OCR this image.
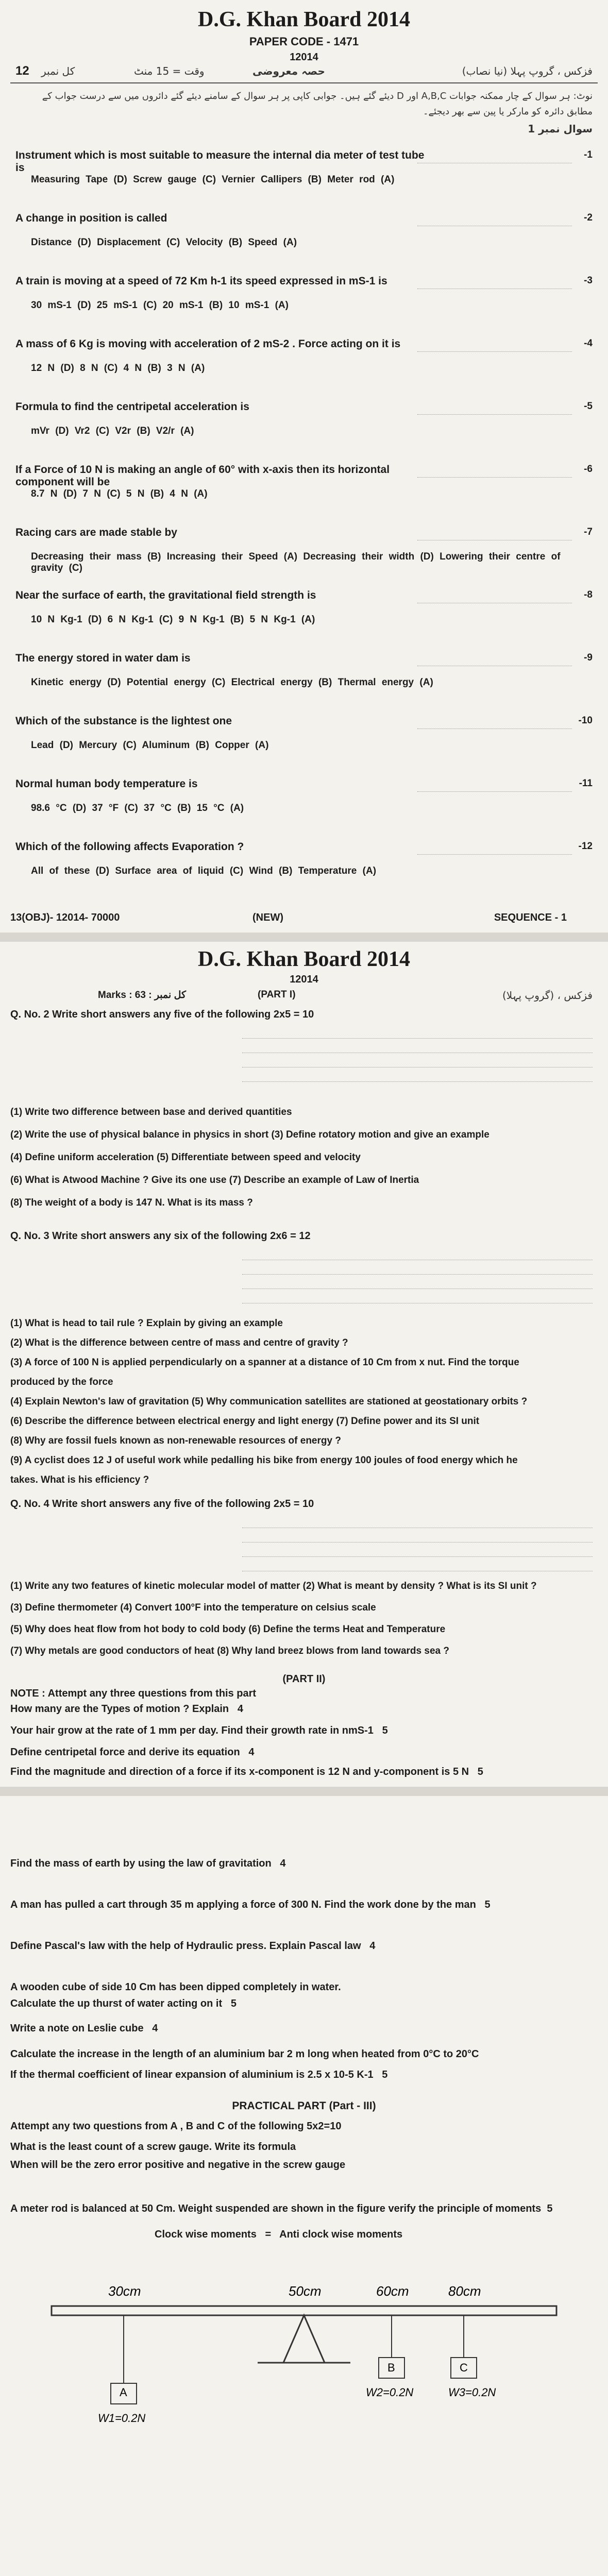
D.G. Khan Board 2014
PAPER CODE - 1471
12014
12 کل نمبر	وقت = 15 منٹ	حصہ معروضی	فزکس ، گروپ پہلا (نیا نصاب)
نوٹ: ہر سوال کے چار ممکنہ جوابات A,B,C اور D دیئے گئے ہیں۔ جوابی کاپی پر ہر سوال کے سامنے دیئے گئے دائروں میں سے درست جواب کے مطابق دائرہ کو مارکر یا پین سے بھر دیجئے۔
سوال نمبر 1
Instrument which is most suitable to measure the internal dia meter of test tube is
-1
Measuring Tape (D) Screw gauge (C) Vernier Callipers (B) Meter rod (A)
A change in position is called	-2
Distance (D) Displacement (C) Velocity (B) Speed (A)
A train is moving at a speed of 72 Km h-1 its speed expressed in mS-1 is	-3
30 mS-1 (D) 25 mS-1 (C) 20 mS-1 (B) 10 mS-1 (A)
A mass of 6 Kg is moving with acceleration of 2 mS-2 . Force acting on it is	-4
12 N (D) 8 N (C) 4 N (B) 3 N (A)
Formula to find the centripetal acceleration is	-5
mVr (D) Vr2 (C) V2r (B) V2/r (A)
If a Force of 10 N is making an angle of 60° with x-axis then its horizontal component will be
-6
8.7 N (D) 7 N (C) 5 N (B) 4 N (A)
Racing cars are made stable by	-7
Decreasing their mass (B) Increasing their Speed (A) Decreasing their width (D) Lowering their centre of gravity (C)
Near the surface of earth, the gravitational field strength is	-8
10 N Kg-1 (D) 6 N Kg-1 (C) 9 N Kg-1 (B) 5 N Kg-1 (A)
The energy stored in water dam is	-9
Kinetic energy (D) Potential energy (C) Electrical energy (B) Thermal energy (A)
Which of the substance is the lightest one	-10
Lead (D) Mercury (C) Aluminum (B) Copper (A)
Normal human body temperature is	-11
98.6 °C (D) 37 °F (C) 37 °C (B) 15 °C (A)
Which of the following affects Evaporation ?	-12
All of these (D) Surface area of liquid (C) Wind (B) Temperature (A)
13(OBJ)- 12014- 70000	(NEW)	SEQUENCE - 1
D.G. Khan Board 2014
12014
Marks : 63 : کل نمبر	(PART I)	فزکس ، (گروپ پہلا)
Q. No. 2 Write short answers any five of the following 2x5 = 10
(1) Write two difference between base and derived quantities
(2) Write the use of physical balance in physics in short (3) Define rotatory motion and give an example
(4) Define uniform acceleration (5) Differentiate between speed and velocity
(6) What is Atwood Machine ? Give its one use (7) Describe an example of Law of Inertia
(8) The weight of a body is 147 N. What is its mass ?
Q. No. 3 Write short answers any six of the following 2x6 = 12
(1) What is head to tail rule ? Explain by giving an example
(2) What is the difference between centre of mass and centre of gravity ?
(3) A force of 100 N is applied perpendicularly on a spanner at a distance of 10 Cm from x nut. Find the torque
produced by the force
(4) Explain Newton's law of gravitation (5) Why communication satellites are stationed at geostationary orbits ?
(6) Describe the difference between electrical energy and light energy (7) Define power and its SI unit
(8) Why are fossil fuels known as non-renewable resources of energy ?
(9) A cyclist does 12 J of useful work while pedalling his bike from energy 100 joules of food energy which he
takes. What is his efficiency ?
Q. No. 4 Write short answers any five of the following 2x5 = 10
(1) Write any two features of kinetic molecular model of matter (2) What is meant by density ? What is its SI unit ?
(3) Define thermometer (4) Convert 100°F into the temperature on celsius scale
(5) Why does heat flow from hot body to cold body (6) Define the terms Heat and Temperature
(7) Why metals are good conductors of heat (8) Why land breez blows from land towards sea ?
(PART II)
NOTE : Attempt any three questions from this part
How many are the Types of motion ? Explain 4
Your hair grow at the rate of 1 mm per day. Find their growth rate in nmS-1 5
Define centripetal force and derive its equation 4
Find the magnitude and direction of a force if its x-component is 12 N and y-component is 5 N 5
Find the mass of earth by using the law of gravitation 4
A man has pulled a cart through 35 m applying a force of 300 N. Find the work done by the man 5
Define Pascal's law with the help of Hydraulic press. Explain Pascal law 4
A wooden cube of side 10 Cm has been dipped completely in water.
Calculate the up thurst of water acting on it 5
Write a note on Leslie cube 4
Calculate the increase in the length of an aluminium bar 2 m long when heated from 0°C to 20°C
If the thermal coefficient of linear expansion of aluminium is 2.5 x 10-5 K-1 5
PRACTICAL PART (Part - III)
Attempt any two questions from A , B and C of the following 5x2=10
What is the least count of a screw gauge. Write its formula
When will be the zero error positive and negative in the screw gauge
A meter rod is balanced at 50 Cm. Weight suspended are shown in the figure verify the principle of moments 5
Clock wise moments = Anti clock wise moments
30cm	50cm	60cm	80cm
W1=0.2N
W2=0.2N	W3=0.2N
A
B	C
